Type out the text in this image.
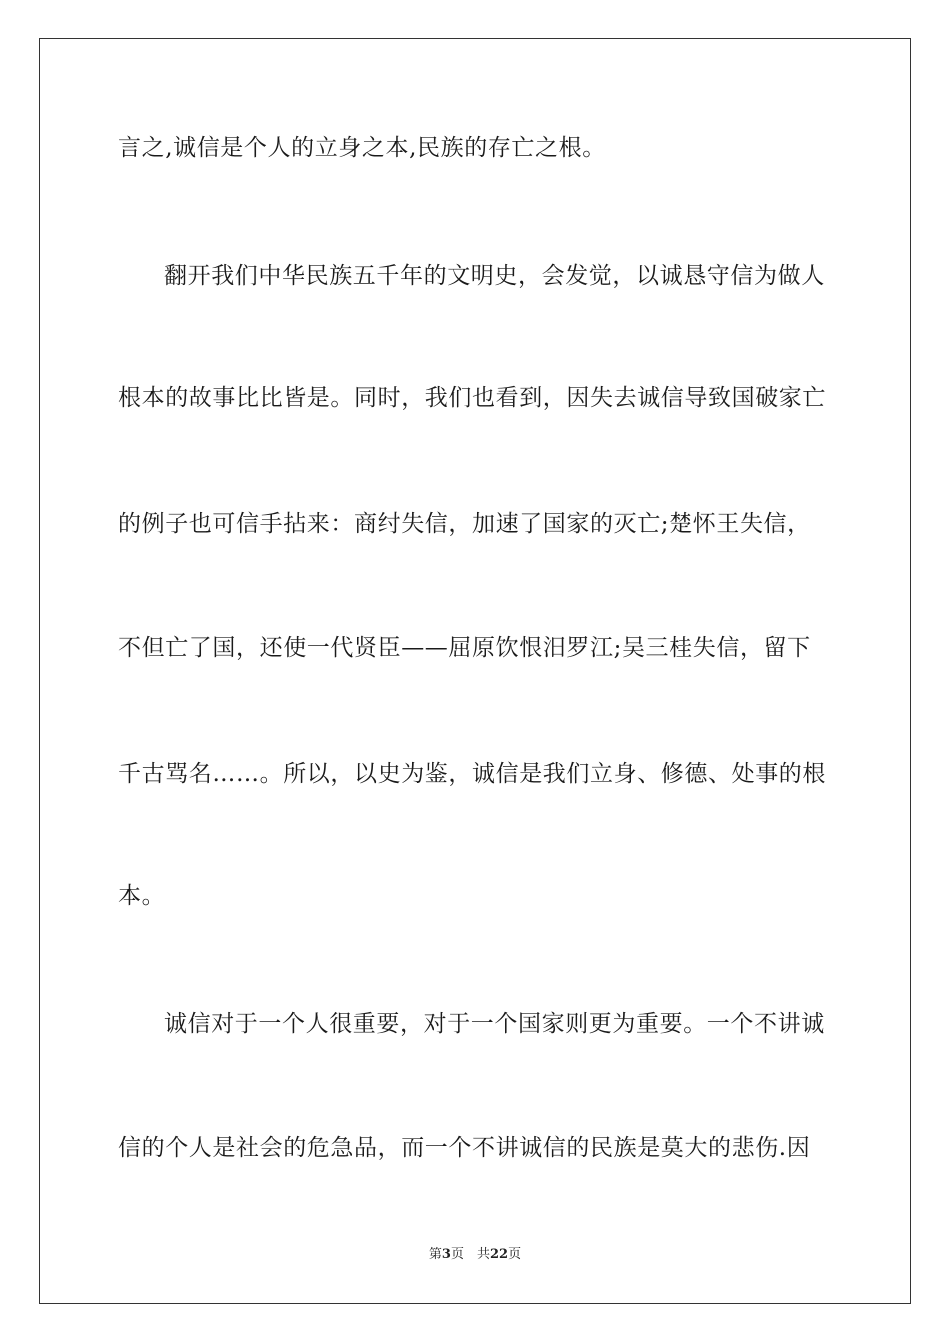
言之,诚信是个人的立身之本,民族的存亡之根。
翻开我们中华民族五千年的文明史，会发觉，以诚恳守信为做人
根本的故事比比皆是。同时，我们也看到，因失去诚信导致国破家亡
的例子也可信手拈来：商纣失信，加速了国家的灭亡;楚怀王失信，
不但亡了国，还使一代贤臣——屈原饮恨汨罗江;吴三桂失信，留下
千古骂名……。所以，以史为鉴，诚信是我们立身、修德、处事的根
本。
诚信对于一个人很重要，对于一个国家则更为重要。一个不讲诚
信的个人是社会的危急品，而一个不讲诚信的民族是莫大的悲伤.因
第3页　共22页
